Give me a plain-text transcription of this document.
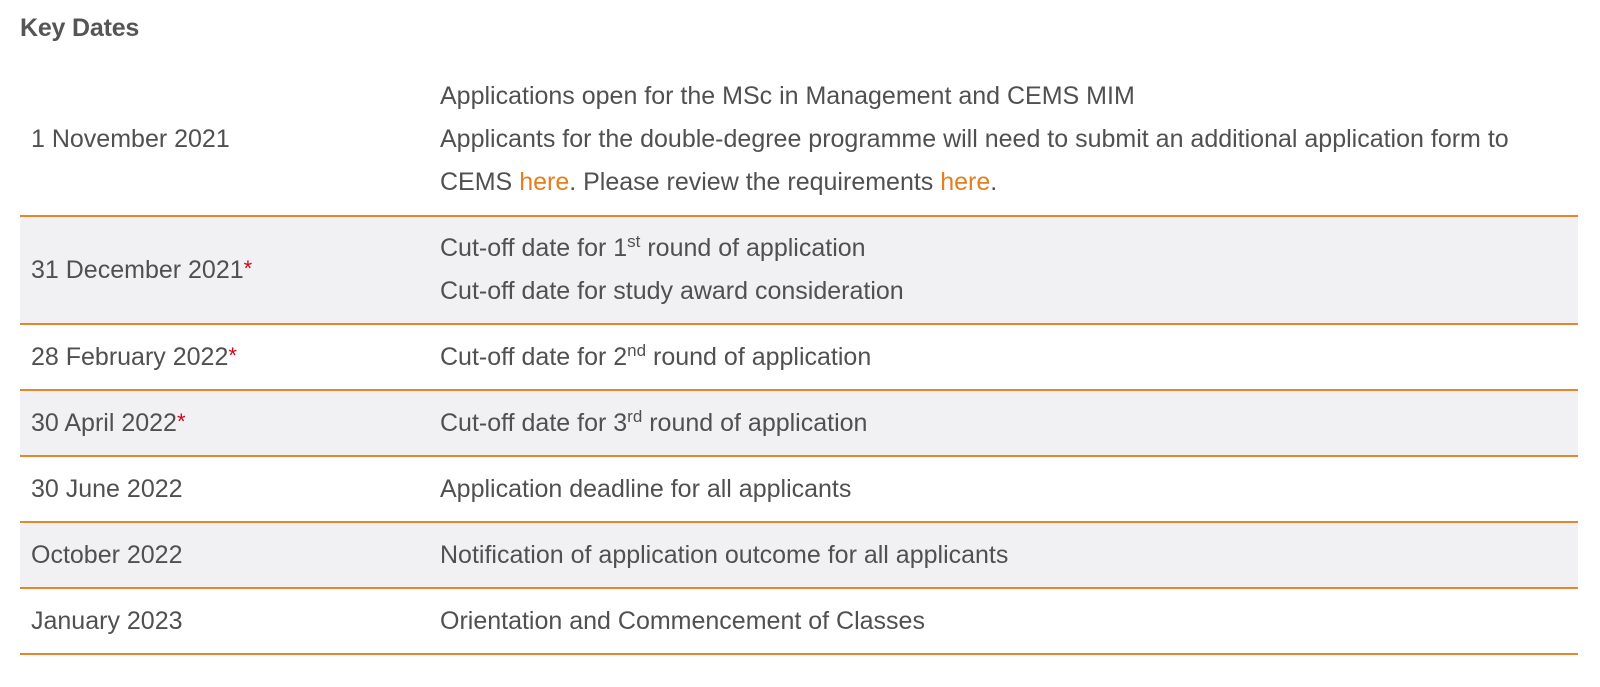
Key Dates
1 November 2021	Applications open for the MSc in Management and CEMS MIM
Applicants for the double-degree programme will need to submit an additional application form to CEMS here. Please review the requirements here.

31 December 2021*	Cut-off date for 1st round of application
Cut-off date for study award consideration

28 February 2022*	Cut-off date for 2nd round of application

30 April 2022*	Cut-off date for 3rd round of application

30 June 2022	Application deadline for all applicants

October 2022	Notification of application outcome for all applicants

January 2023	Orientation and Commencement of Classes
